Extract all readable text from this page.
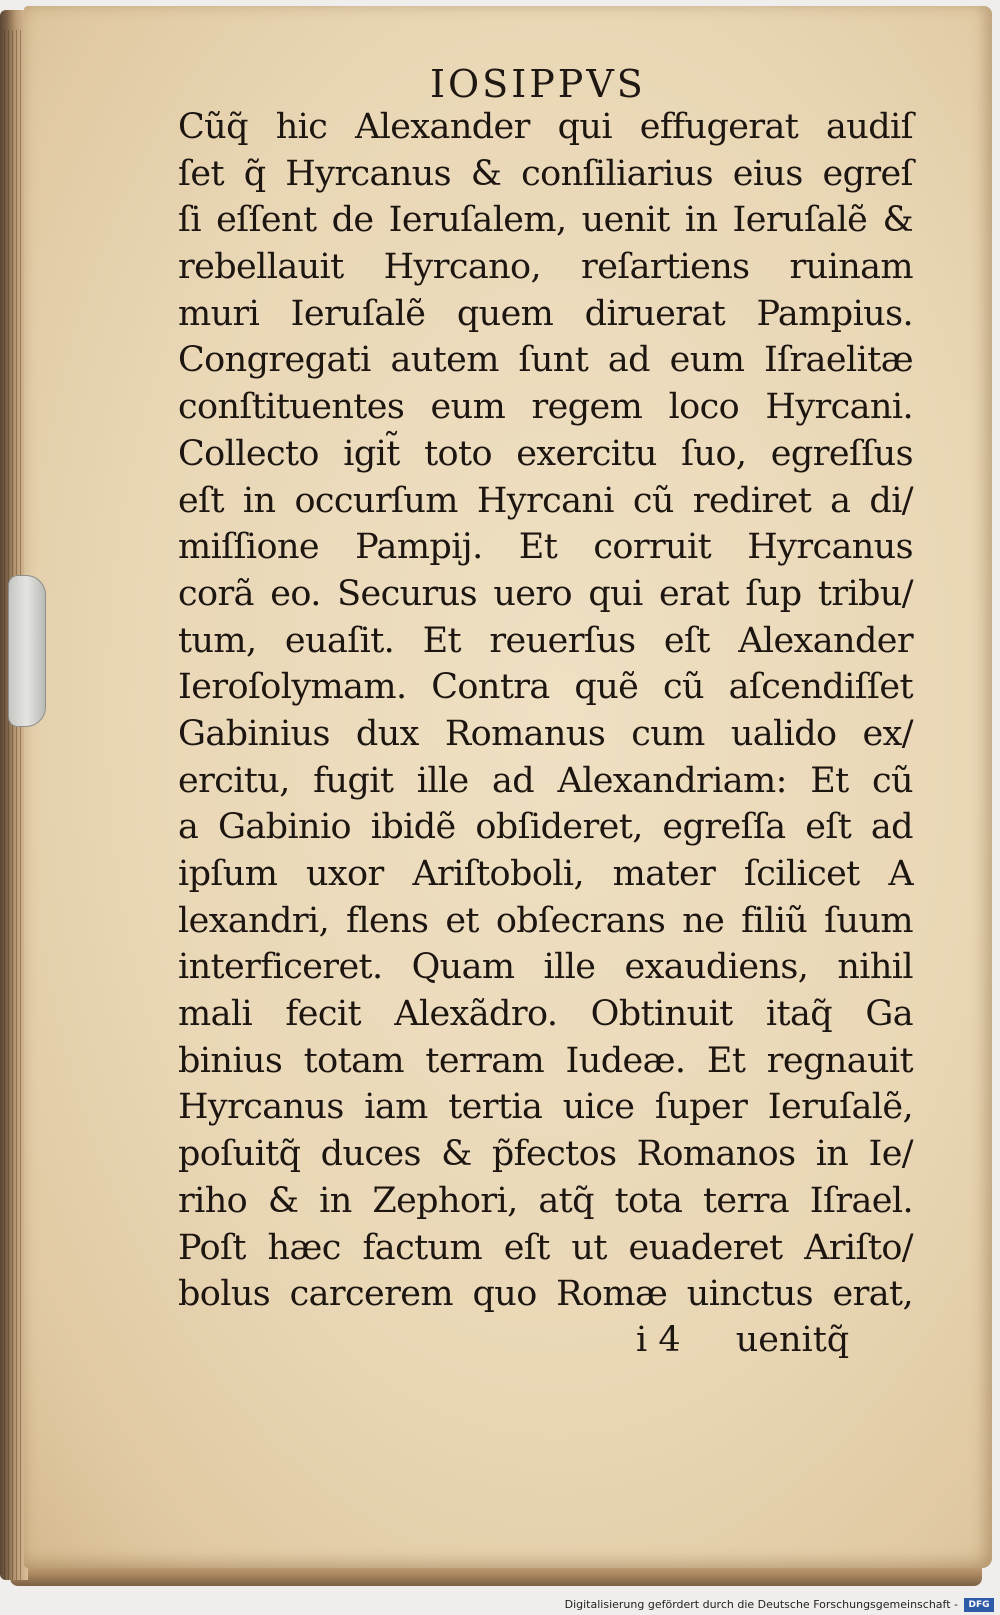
IOSIPPVS
Cũq̃ hic Alexander qui effugerat audiſ
ſet q̃ Hyrcanus & conſiliarius eius egreſ
ſi eſſent de Ieruſalem, uenit in Ieruſalẽ &
rebellauit Hyrcano, reſartiens ruinam
muri Ieruſalẽ quem diruerat Pampius.
Congregati autem ſunt ad eum Iſraelitæ
conſtituentes eum regem loco Hyrcani.
Collecto igit̃ toto exercitu ſuo, egreſſus
eſt in occurſum Hyrcani cũ rediret a di/
miſſione Pampij. Et corruit Hyrcanus
corã eo. Securus uero qui erat ſup tribu/
tum, euaſit. Et reuerſus eſt Alexander
Ieroſolymam. Contra quẽ cũ aſcendiſſet
Gabinius dux Romanus cum ualido ex/
ercitu, fugit ille ad Alexandriam: Et cũ
a Gabinio ibidẽ obſideret, egreſſa eſt ad
ipſum uxor Ariſtoboli, mater ſcilicet A
lexandri, flens et obſecrans ne filiũ ſuum
interficeret. Quam ille exaudiens, nihil
mali fecit Alexãdro. Obtinuit itaq̃ Ga
binius totam terram Iudeæ. Et regnauit
Hyrcanus iam tertia uice ſuper Ieruſalẽ,
poſuitq̃ duces & p̃fectos Romanos in Ie/
riho & in Zephori, atq̃ tota terra Iſrael.
Poſt hæc factum eſt ut euaderet Ariſto/
bolus carcerem quo Romæ uinctus erat,
i 4 uenitq̃
Digitalisierung gefördert durch die Deutsche Forschungsgemeinschaft -	DFG
